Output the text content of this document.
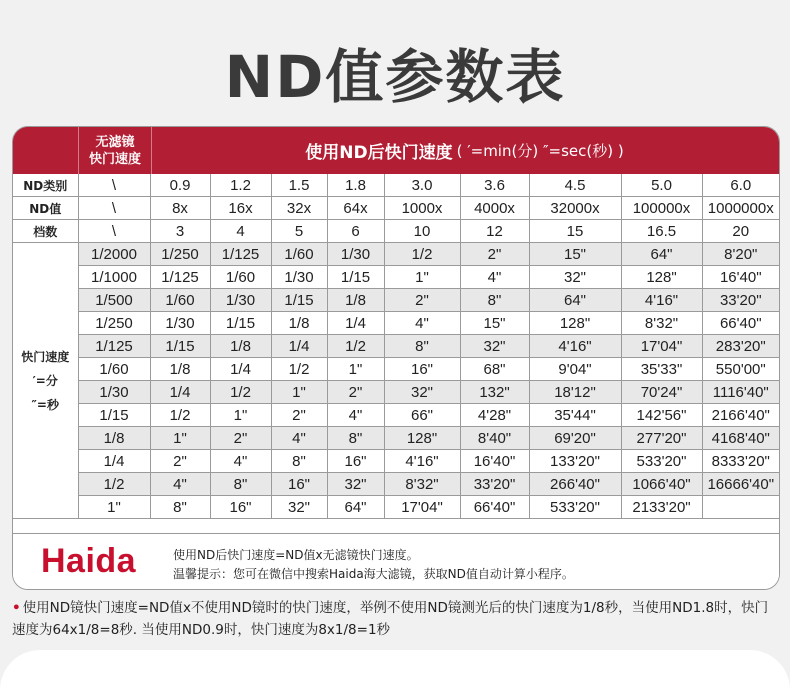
ND值参数表
无滤镜
快门速度	使用ND后快门速度 ( ′=min(分) ″=sec(秒) )
ND类别	\	0.9	1.2	1.5	1.8	3.0	3.6	4.5	5.0	6.0
ND值	\	8x	16x	32x	64x	1000x	4000x	32000x	100000x	1000000x
档数	\	3	4	5	6	10	12	15	16.5	20

快门速度
′=分
″=秒	1/2000	1/250	1/125	1/60	1/30	1/2	2"	15"	64"	8'20"
	1/1000	1/125	1/60	1/30	1/15	1"	4"	32"	128"	16'40"
	1/500	1/60	1/30	1/15	1/8	2"	8"	64"	4'16"	33'20"
	1/250	1/30	1/15	1/8	1/4	4"	15"	128"	8'32"	66'40"
	1/125	1/15	1/8	1/4	1/2	8"	32"	4'16"	17'04"	283'20"
	1/60	1/8	1/4	1/2	1"	16"	68"	9'04"	35'33"	550'00"
	1/30	1/4	1/2	1"	2"	32"	132"	18'12"	70'24"	1116'40"
	1/15	1/2	1"	2"	4"	66"	4'28"	35'44"	142'56"	2166'40"
	1/8	1"	2"	4"	8"	128"	8'40"	69'20"	277'20"	4168'40"
	1/4	2"	4"	8"	16"	4'16"	16'40"	133'20"	533'20"	8333'20"
	1/2	4"	8"	16"	32"	8'32"	33'20"	266'40"	1066'40"	16666'40"
	1"	8"	16"	32"	64"	17'04"	66'40"	533'20"	2133'20"	
Haida	使用ND后快门速度=ND值x无滤镜快门速度。
温馨提示：您可在微信中搜索Haida海大滤镜，获取ND值自动计算小程序。
• 使用ND镜快门速度=ND值x不使用ND镜时的快门速度，举例不使用ND镜测光后的快门速度为1/8秒，当使用ND1.8时，快门速度为64x1/8=8秒. 当使用ND0.9时，快门速度为8x1/8=1秒
